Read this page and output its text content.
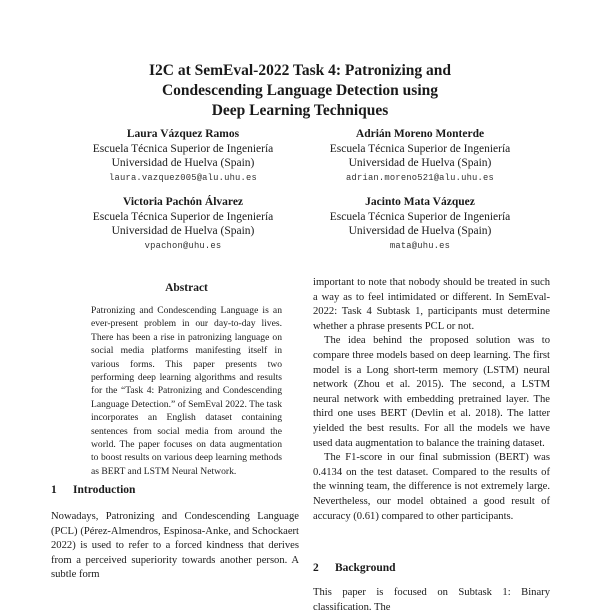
I2C at SemEval-2022 Task 4: Patronizing and
Condescending Language Detection using
Deep Learning Techniques
Laura Vázquez Ramos
Escuela Técnica Superior de Ingeniería
Universidad de Huelva (Spain)
laura.vazquez005@alu.uhu.es
Adrián Moreno Monterde
Escuela Técnica Superior de Ingeniería
Universidad de Huelva (Spain)
adrian.moreno521@alu.uhu.es
Victoria Pachón Álvarez
Escuela Técnica Superior de Ingeniería
Universidad de Huelva (Spain)
vpachon@uhu.es
Jacinto Mata Vázquez
Escuela Técnica Superior de Ingeniería
Universidad de Huelva (Spain)
mata@uhu.es
Abstract
Patronizing and Condescending Language is an ever-present problem in our day-to-day lives. There has been a rise in patronizing language on social media platforms manifesting itself in various forms. This paper presents two performing deep learning algorithms and results for the “Task 4: Patronizing and Condescending Language Detection.” of SemEval 2022. The task incorporates an English dataset containing sentences from social media from around the world. The paper focuses on data augmentation to boost results on various deep learning methods as BERT and LSTM Neural Network.
1 Introduction

Nowadays, Patronizing and Condescending Language (PCL) (Pérez-Almendros, Espinosa-Anke, and Schockaert 2022) is used to refer to a forced kindness that derives from a perceived superiority towards another person. A subtle form

important to note that nobody should be treated in such a way as to feel intimidated or different. In SemEval-2022: Task 4 Subtask 1, participants must determine whether a phrase presents PCL or not.

The idea behind the proposed solution was to compare three models based on deep learning. The first model is a Long short-term memory (LSTM) neural network (Zhou et al. 2015). The second, a LSTM neural network with embedding pretrained layer. The third one uses BERT (Devlin et al. 2018). The latter yielded the best results. For all the models we have used data augmentation to balance the training dataset.

The F1-score in our final submission (BERT) was 0.4134 on the test dataset. Compared to the results of the winning team, the difference is not extremely large. Nevertheless, our model obtained a good result of accuracy (0.61) compared to other participants.

2 Background

This paper is focused on Subtask 1: Binary classification. The
